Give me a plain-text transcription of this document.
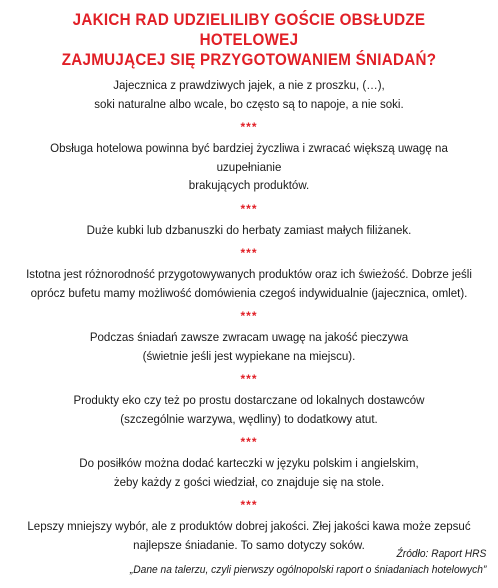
JAKICH RAD UDZIELILIBY GOŚCIE OBSŁUDZE HOTELOWEJ
ZAJMUJĄCEJ SIĘ PRZYGOTOWANIEM ŚNIADAŃ?

Jajecznica z prawdziwych jajek, a nie z proszku, (…),
soki naturalne albo wcale, bo często są to napoje, a nie soki.

***

Obsługa hotelowa powinna być bardziej życzliwa i zwracać większą uwagę na uzupełnianie
brakujących produktów.

***

Duże kubki lub dzbanuszki do herbaty zamiast małych filiżanek.

***

Istotna jest różnorodność przygotowywanych produktów oraz ich świeżość. Dobrze jeśli
oprócz bufetu mamy możliwość domówienia czegoś indywidualnie (jajecznica, omlet).

***

Podczas śniadań zawsze zwracam uwagę na jakość pieczywa
(świetnie jeśli jest wypiekane na miejscu).

***

Produkty eko czy też po prostu dostarczane od lokalnych dostawców
(szczególnie warzywa, wędliny) to dodatkowy atut.

***

Do posiłków można dodać karteczki w języku polskim i angielskim,
żeby każdy z gości wiedział, co znajduje się na stole.

***

Lepszy mniejszy wybór, ale z produktów dobrej jakości. Złej jakości kawa może zepsuć
najlepsze śniadanie. To samo dotyczy soków.

Źródło: Raport HRS
„Dane na talerzu, czyli pierwszy ogólnopolski raport o śniadaniach hotelowych”
